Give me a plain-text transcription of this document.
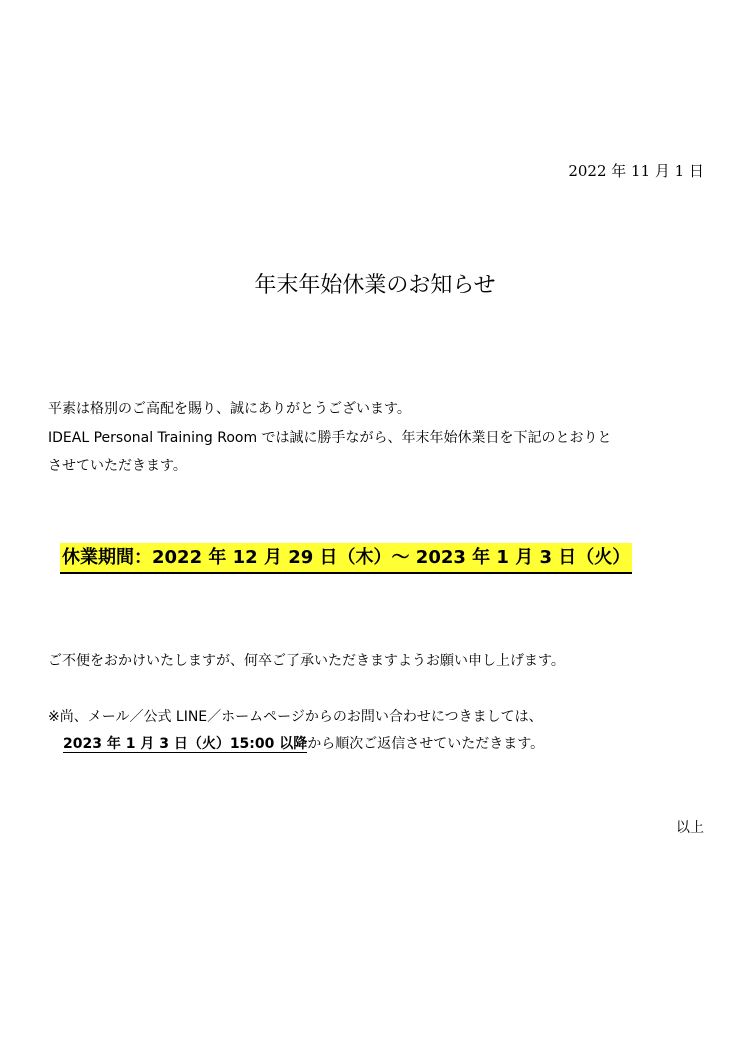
2022 年 11 月 1 日
年末年始休業のお知らせ
平素は格別のご高配を賜り、誠にありがとうございます。
IDEAL Personal Training Room では誠に勝手ながら、年末年始休業日を下記のとおりと
させていただきます。
休業期間：2022 年 12 月 29 日（木）～ 2023 年 1 月 3 日（火）
ご不便をおかけいたしますが、何卒ご了承いただきますようお願い申し上げます。
※尚、メール／公式 LINE／ホームページからのお問い合わせにつきましては、
2023 年 1 月 3 日（火）15:00 以降から順次ご返信させていただきます。
以上
